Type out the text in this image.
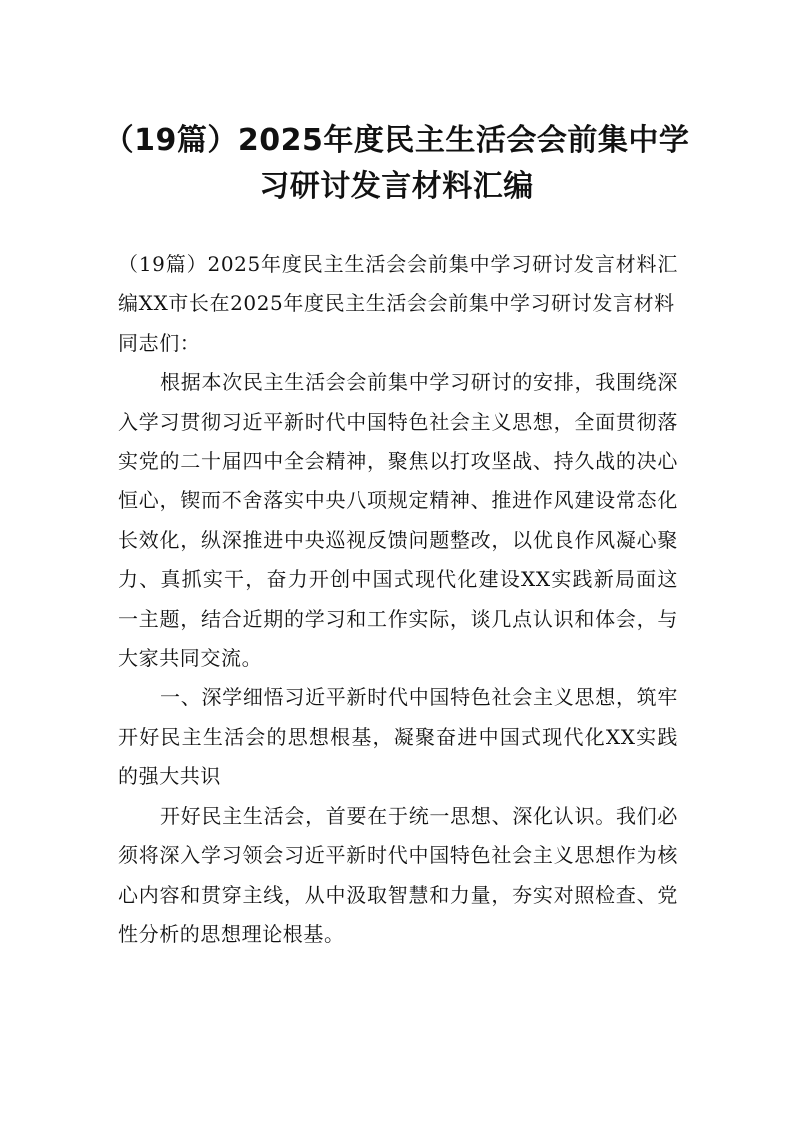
（19篇）2025年度民主生活会会前集中学习研讨发言材料汇编

（19篇）2025年度民主生活会会前集中学习研讨发言材料汇编XX市长在2025年度民主生活会会前集中学习研讨发言材料

同志们：

根据本次民主生活会会前集中学习研讨的安排，我围绕深入学习贯彻习近平新时代中国特色社会主义思想，全面贯彻落实党的二十届四中全会精神，聚焦以打攻坚战、持久战的决心恒心，锲而不舍落实中央八项规定精神、推进作风建设常态化长效化，纵深推进中央巡视反馈问题整改，以优良作风凝心聚力、真抓实干，奋力开创中国式现代化建设XX实践新局面这一主题，结合近期的学习和工作实际，谈几点认识和体会，与大家共同交流。

一、深学细悟习近平新时代中国特色社会主义思想，筑牢开好民主生活会的思想根基，凝聚奋进中国式现代化XX实践的强大共识

开好民主生活会，首要在于统一思想、深化认识。我们必须将深入学习领会习近平新时代中国特色社会主义思想作为核心内容和贯穿主线，从中汲取智慧和力量，夯实对照检查、党性分析的思想理论根基。
